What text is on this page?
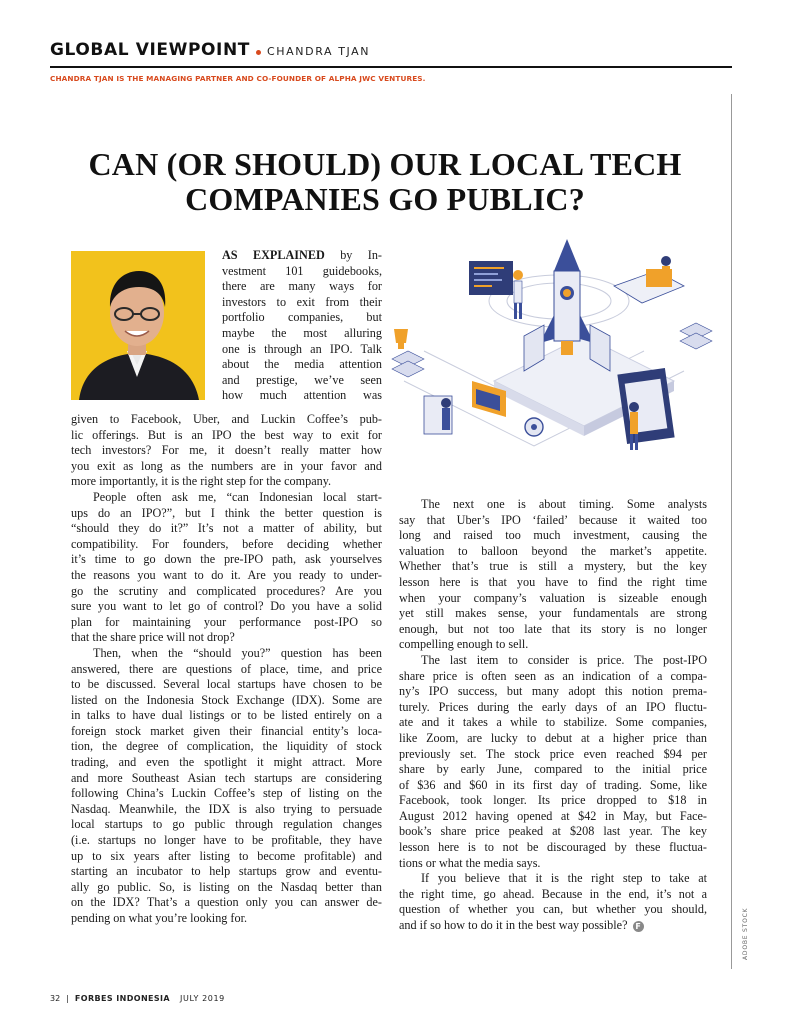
GLOBAL VIEWPOINT CHANDRA TJAN
CHANDRA TJAN IS THE MANAGING PARTNER AND CO-FOUNDER OF ALPHA JWC VENTURES.
CAN (OR SHOULD) OUR LOCAL TECH
COMPANIES GO PUBLIC?
AS EXPLAINED by In-
vestment 101 guidebooks,
there are many ways for
investors to exit from their
portfolio companies, but
maybe the most alluring
one is through an IPO. Talk
about the media attention
and prestige, we’ve seen
how much attention was
given to Facebook, Uber, and Luckin Coffee’s pub-
lic offerings. But is an IPO the best way to exit for
tech investors? For me, it doesn’t really matter how
you exit as long as the numbers are in your favor and
more importantly, it is the right step for the company.
People often ask me, “can Indonesian local start-
ups do an IPO?”, but I think the better question is
“should they do it?” It’s not a matter of ability, but
compatibility. For founders, before deciding whether
it’s time to go down the pre-IPO path, ask yourselves
the reasons you want to do it. Are you ready to under-
go the scrutiny and complicated procedures? Are you
sure you want to let go of control? Do you have a solid
plan for maintaining your performance post-IPO so
that the share price will not drop?
Then, when the “should you?” question has been
answered, there are questions of place, time, and price
to be discussed. Several local startups have chosen to be
listed on the Indonesia Stock Exchange (IDX). Some are
in talks to have dual listings or to be listed entirely on a
foreign stock market given their financial entity’s loca-
tion, the degree of complication, the liquidity of stock
trading, and even the spotlight it might attract. More
and more Southeast Asian tech startups are considering
following China’s Luckin Coffee’s step of listing on the
Nasdaq. Meanwhile, the IDX is also trying to persuade
local startups to go public through regulation changes
(i.e. startups no longer have to be profitable, they have
up to six years after listing to become profitable) and
starting an incubator to help startups grow and eventu-
ally go public. So, is listing on the Nasdaq better than
on the IDX? That’s a question only you can answer de-
pending on what you’re looking for.
The next one is about timing. Some analysts
say that Uber’s IPO ‘failed’ because it waited too
long and raised too much investment, causing the
valuation to balloon beyond the market’s appetite.
Whether that’s true is still a mystery, but the key
lesson here is that you have to find the right time
when your company’s valuation is sizeable enough
yet still makes sense, your fundamentals are strong
enough, but not too late that its story is no longer
compelling enough to sell.
The last item to consider is price. The post-IPO
share price is often seen as an indication of a compa-
ny’s IPO success, but many adopt this notion prema-
turely. Prices during the early days of an IPO fluctu-
ate and it takes a while to stabilize. Some companies,
like Zoom, are lucky to debut at a higher price than
previously set. The stock price even reached $94 per
share by early June, compared to the initial price
of $36 and $60 in its first day of trading. Some, like
Facebook, took longer. Its price dropped to $18 in
August 2012 having opened at $42 in May, but Face-
book’s share price peaked at $208 last year. The key
lesson here is to not be discouraged by these fluctua-
tions or what the media says.
If you believe that it is the right step to take at
the right time, go ahead. Because in the end, it’s not a
question of whether you can, but whether you should,
and if so how to do it in the best way possible? F	ADOBE STOCK
32 | FORBES INDONESIA JULY 2019
